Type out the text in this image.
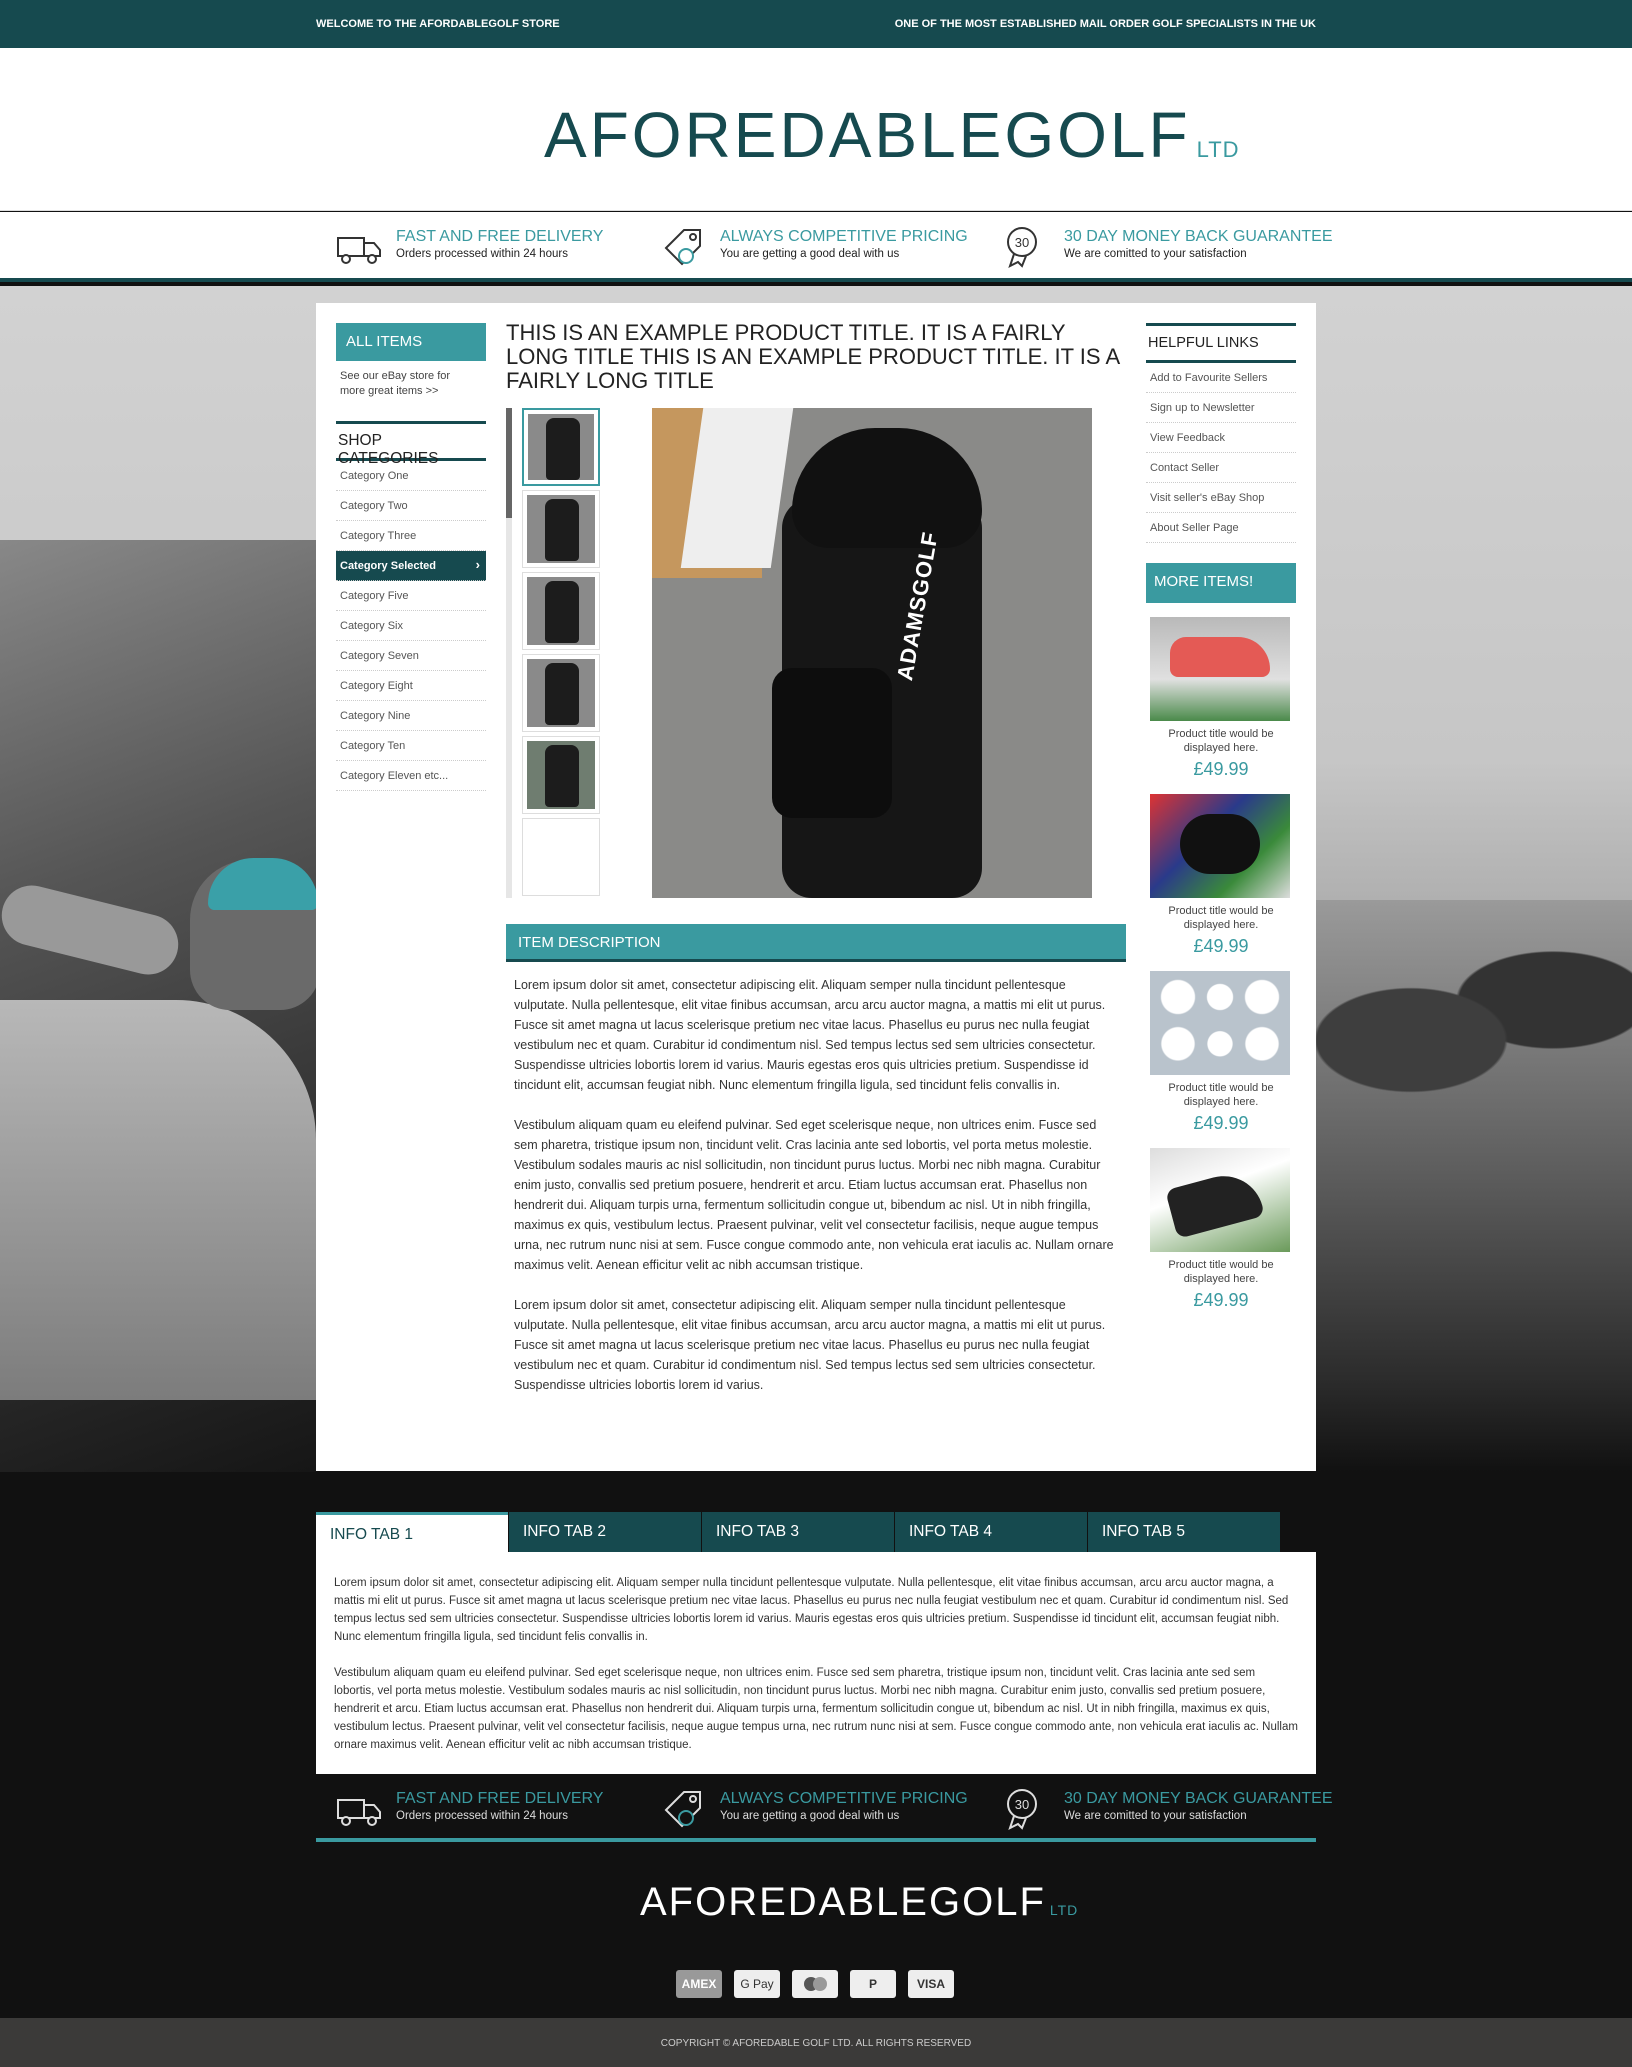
WELCOME TO THE AFORDABLEGOLF STORE	ONE OF THE MOST ESTABLISHED MAIL ORDER GOLF SPECIALISTS IN THE UK
AFOREDABLEGOLF LTD
FAST AND FREE DELIVERY
Orders processed within 24 hours
ALWAYS COMPETITIVE PRICING
You are getting a good deal with us
30 30 DAY MONEY BACK GUARANTEE
We are comitted to your satisfaction
ALL ITEMS
See our eBay store for more great items >>
SHOP CATEGORIES
Category One
Category Two
Category Three
Category Selected	›
Category Five
Category Six
Category Seven
Category Eight
Category Nine
Category Ten
Category Eleven etc...
THIS IS AN EXAMPLE PRODUCT TITLE. IT IS A FAIRLY LONG TITLE THIS IS AN EXAMPLE PRODUCT TITLE. IT IS A FAIRLY LONG TITLE
ADAMSGOLF
ITEM DESCRIPTION

Lorem ipsum dolor sit amet, consectetur adipiscing elit. Aliquam semper nulla tincidunt pellentesque vulputate. Nulla pellentesque, elit vitae finibus accumsan, arcu arcu auctor magna, a mattis mi elit ut purus. Fusce sit amet magna ut lacus scelerisque pretium nec vitae lacus. Phasellus eu purus nec nulla feugiat vestibulum nec et quam. Curabitur id condimentum nisl. Sed tempus lectus sed sem ultricies consectetur. Suspendisse ultricies lobortis lorem id varius. Mauris egestas eros quis ultricies pretium. Suspendisse id tincidunt elit, accumsan feugiat nibh. Nunc elementum fringilla ligula, sed tincidunt felis convallis in.

Vestibulum aliquam quam eu eleifend pulvinar. Sed eget scelerisque neque, non ultrices enim. Fusce sed sem pharetra, tristique ipsum non, tincidunt velit. Cras lacinia ante sed lobortis, vel porta metus molestie. Vestibulum sodales mauris ac nisl sollicitudin, non tincidunt purus luctus. Morbi nec nibh magna. Curabitur enim justo, convallis sed pretium posuere, hendrerit et arcu. Etiam luctus accumsan erat. Phasellus non hendrerit dui. Aliquam turpis urna, fermentum sollicitudin congue ut, bibendum ac nisl. Ut in nibh fringilla, maximus ex quis, vestibulum lectus. Praesent pulvinar, velit vel consectetur facilisis, neque augue tempus urna, nec rutrum nunc nisi at sem. Fusce congue commodo ante, non vehicula erat iaculis ac. Nullam ornare maximus velit. Aenean efficitur velit ac nibh accumsan tristique.

Lorem ipsum dolor sit amet, consectetur adipiscing elit. Aliquam semper nulla tincidunt pellentesque vulputate. Nulla pellentesque, elit vitae finibus accumsan, arcu arcu auctor magna, a mattis mi elit ut purus. Fusce sit amet magna ut lacus scelerisque pretium nec vitae lacus. Phasellus eu purus nec nulla feugiat vestibulum nec et quam. Curabitur id condimentum nisl. Sed tempus lectus sed sem ultricies consectetur. Suspendisse ultricies lobortis lorem id varius.

HELPFUL LINKS
Add to Favourite Sellers
Sign up to Newsletter
View Feedback
Contact Seller
Visit seller's eBay Shop
About Seller Page
MORE ITEMS!
Product title would be displayed here.
£49.99
Product title would be displayed here.
£49.99
Product title would be displayed here.
£49.99
Product title would be displayed here.
£49.99
INFO TAB 1	INFO TAB 2	INFO TAB 3	INFO TAB 4	INFO TAB 5

Lorem ipsum dolor sit amet, consectetur adipiscing elit. Aliquam semper nulla tincidunt pellentesque vulputate. Nulla pellentesque, elit vitae finibus accumsan, arcu arcu auctor magna, a mattis mi elit ut purus. Fusce sit amet magna ut lacus scelerisque pretium nec vitae lacus. Phasellus eu purus nec nulla feugiat vestibulum nec et quam. Curabitur id condimentum nisl. Sed tempus lectus sed sem ultricies consectetur. Suspendisse ultricies lobortis lorem id varius. Mauris egestas eros quis ultricies pretium. Suspendisse id tincidunt elit, accumsan feugiat nibh. Nunc elementum fringilla ligula, sed tincidunt felis convallis in.

Vestibulum aliquam quam eu eleifend pulvinar. Sed eget scelerisque neque, non ultrices enim. Fusce sed sem pharetra, tristique ipsum non, tincidunt velit. Cras lacinia ante sed sem lobortis, vel porta metus molestie. Vestibulum sodales mauris ac nisl sollicitudin, non tincidunt purus luctus. Morbi nec nibh magna. Curabitur enim justo, convallis sed pretium posuere, hendrerit et arcu. Etiam luctus accumsan erat. Phasellus non hendrerit dui. Aliquam turpis urna, fermentum sollicitudin congue ut, bibendum ac nisl. Ut in nibh fringilla, maximus ex quis, vestibulum lectus. Praesent pulvinar, velit vel consectetur facilisis, neque augue tempus urna, nec rutrum nunc nisi at sem. Fusce congue commodo ante, non vehicula erat iaculis ac. Nullam ornare maximus velit. Aenean efficitur velit ac nibh accumsan tristique.

FAST AND FREE DELIVERY
Orders processed within 24 hours
ALWAYS COMPETITIVE PRICING
You are getting a good deal with us
30 30 DAY MONEY BACK GUARANTEE
We are comitted to your satisfaction
AFOREDABLEGOLF LTD
AMEX	G Pay	P	VISA
COPYRIGHT © AFOREDABLE GOLF LTD. ALL RIGHTS RESERVED
